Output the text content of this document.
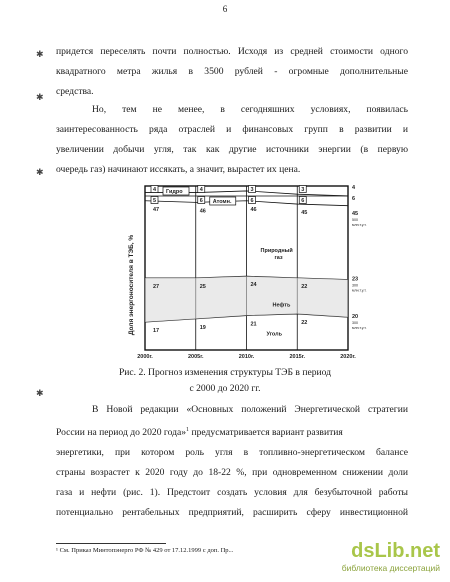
6
✱
✱
✱
✱
придется переселять почти полностью. Исходя из средней стоимости одного
квадратного метра жилья в 3500 рублей - огромные дополнительные
средства.
Но, тем не менее, в сегодняшних условиях, появилась
заинтересованность ряда отраслей и финансовых групп в развитии и
увеличении добычи угля, так как другие источники энергии (в первую
очередь газ) начинают иссякать, а значит, вырастет их цена.
Доля энергоносителя в ТЭБ, %
2000г.	2005г.	2010г.	2015г.	2020г.
17
19
21	22
27	25	24	22
47	46	46
45
5	6	6	6
4	4	3	3
Гидро
Атомн.
Природный
газ
Нефть
Уголь
4
6
45
500
млн.т.у.т.
23
300
млн.т.у.т.
20
300
млн.т.у.т.
Рис. 2. Прогноз изменения структуры ТЭБ в период
с 2000 до 2020 гг.
В Новой редакции «Основных положений Энергетической стратегии
России на период до 2020 года»$^1$ предусматривается вариант развития
энергетики, при котором роль угля в топливно-энергетическом балансе
страны возрастет к 2020 году до 18-22 %, при одновременном снижении доли
газа и нефти (рис. 1). Предстоит создать условия для безубыточной работы
потенциально рентабельных предприятий, расширить сферу инвестиционной
¹ См. Приказ Минтопэнерго РФ № 429 от 17.12.1999 с доп. Пр...	dsLib.net
библиотека диссертаций
